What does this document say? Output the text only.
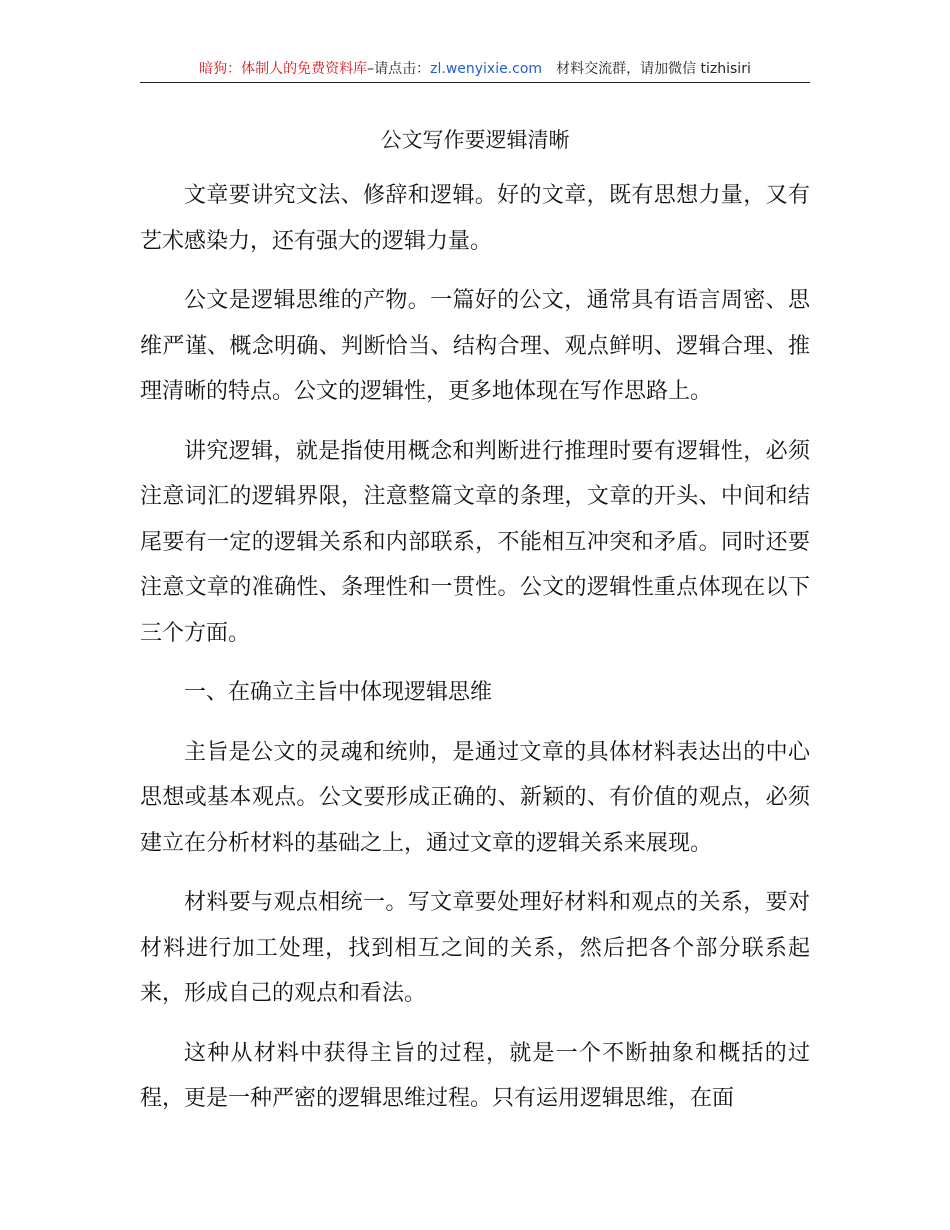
暗狗：体制人的免费资料库–请点击：zl.wenyixie.com 材料交流群，请加微信 tizhisiri
公文写作要逻辑清晰

文章要讲究文法、修辞和逻辑。好的文章，既有思想力量，又有艺术感染力，还有强大的逻辑力量。

公文是逻辑思维的产物。一篇好的公文，通常具有语言周密、思维严谨、概念明确、判断恰当、结构合理、观点鲜明、逻辑合理、推理清晰的特点。公文的逻辑性，更多地体现在写作思路上。

讲究逻辑，就是指使用概念和判断进行推理时要有逻辑性，必须注意词汇的逻辑界限，注意整篇文章的条理，文章的开头、中间和结尾要有一定的逻辑关系和内部联系，不能相互冲突和矛盾。同时还要注意文章的准确性、条理性和一贯性。公文的逻辑性重点体现在以下三个方面。

一、在确立主旨中体现逻辑思维

主旨是公文的灵魂和统帅，是通过文章的具体材料表达出的中心思想或基本观点。公文要形成正确的、新颖的、有价值的观点，必须建立在分析材料的基础之上，通过文章的逻辑关系来展现。

材料要与观点相统一。写文章要处理好材料和观点的关系，要对材料进行加工处理，找到相互之间的关系，然后把各个部分联系起来，形成自己的观点和看法。

这种从材料中获得主旨的过程，就是一个不断抽象和概括的过程，更是一种严密的逻辑思维过程。只有运用逻辑思维，在面
